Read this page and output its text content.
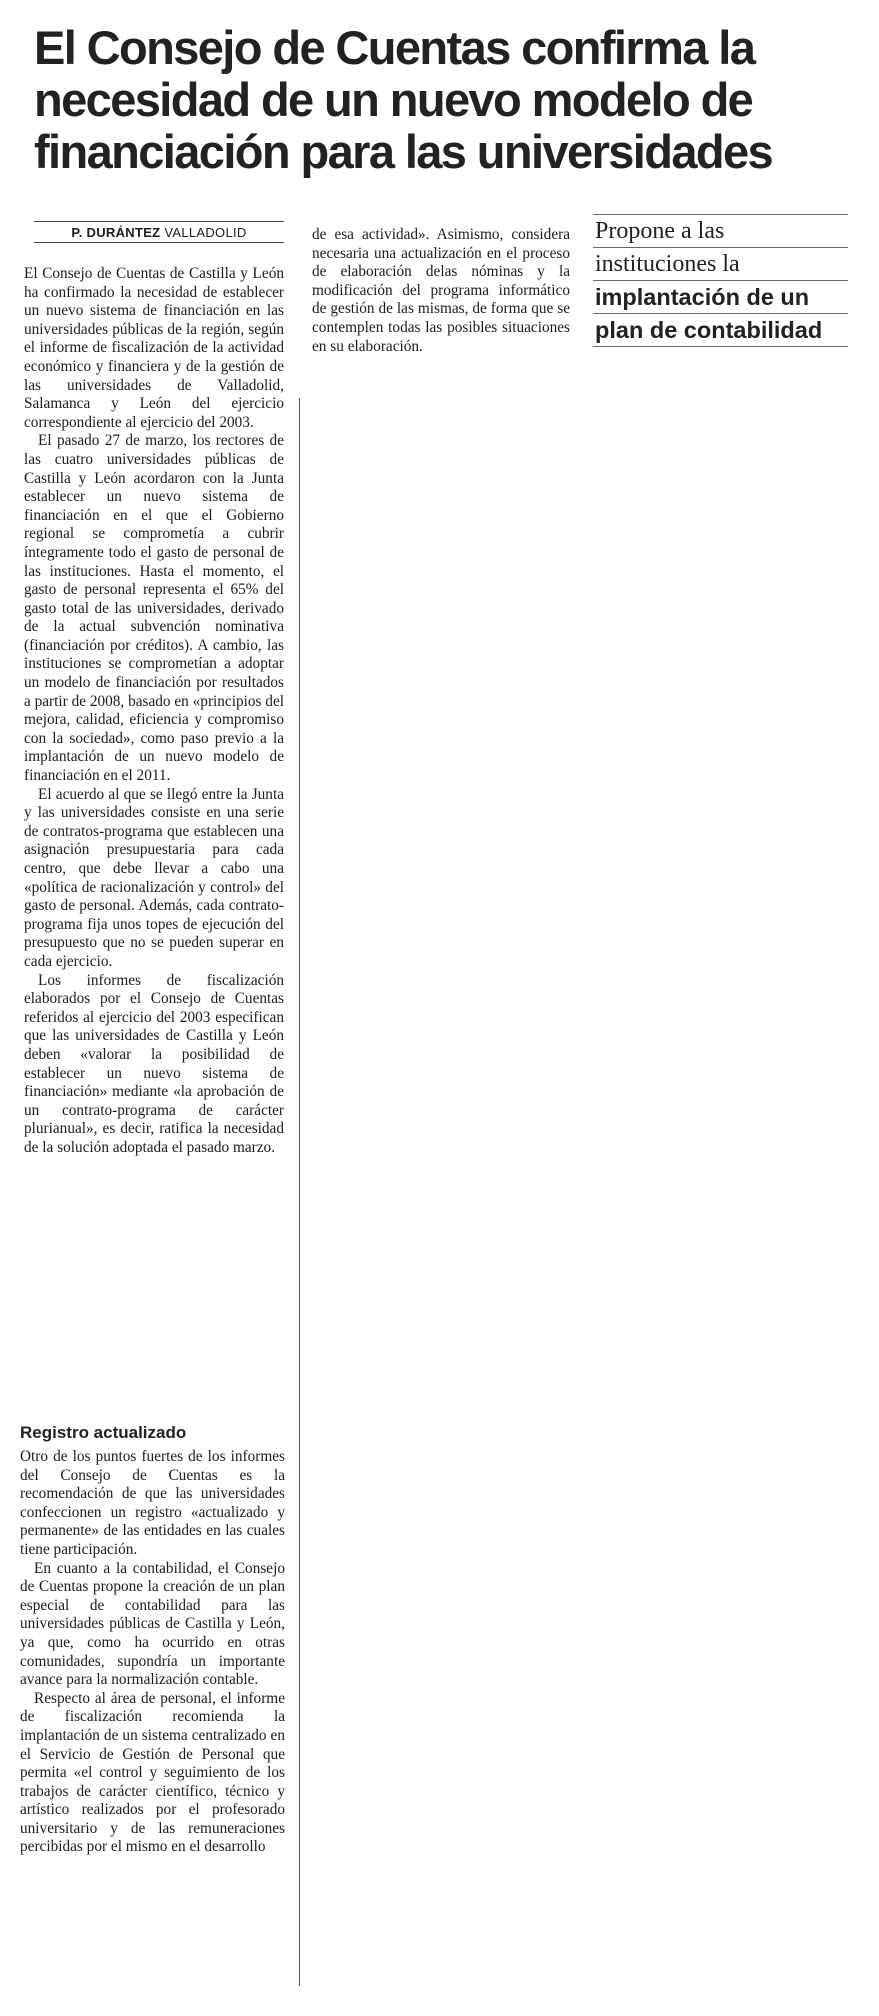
El Consejo de Cuentas confirma la
necesidad de un nuevo modelo de
financiación para las universidades
P. DURÁNTEZ VALLADOLID

El Consejo de Cuentas de Castilla y León ha confirmado la necesidad de establecer un nuevo sistema de financiación en las universidades públicas de la región, según el informe de fiscalización de la actividad económico y financiera y de la gestión de las universidades de Valladolid, Salamanca y León del ejercicio correspondiente al ejercicio del 2003.

El pasado 27 de marzo, los rectores de las cuatro universidades públicas de Castilla y León acordaron con la Junta establecer un nuevo sistema de financiación en el que el Gobierno regional se comprometía a cubrir íntegramente todo el gasto de personal de las instituciones. Hasta el momento, el gasto de personal representa el 65% del gasto total de las universidades, derivado de la actual subvención nominativa (financiación por créditos). A cambio, las instituciones se comprometían a adoptar un modelo de financiación por resultados a partir de 2008, basado en «principios del mejora, calidad, eficiencia y compromiso con la sociedad», como paso previo a la implantación de un nuevo modelo de financiación en el 2011.

El acuerdo al que se llegó entre la Junta y las universidades consiste en una serie de contratos-programa que establecen una asignación presupuestaria para cada centro, que debe llevar a cabo una «política de racionalización y control» del gasto de personal. Además, cada contrato-programa fija unos topes de ejecución del presupuesto que no se pueden superar en cada ejercicio.

Los informes de fiscalización elaborados por el Consejo de Cuentas referidos al ejercicio del 2003 especifican que las universidades de Castilla y León deben «valorar la posibilidad de establecer un nuevo sistema de financiación» mediante «la aprobación de un contrato-programa de carácter plurianual», es decir, ratifica la necesidad de la solución adoptada el pasado marzo.

Registro actualizado

Otro de los puntos fuertes de los informes del Consejo de Cuentas es la recomendación de que las universidades confeccionen un registro «actualizado y permanente» de las entidades en las cuales tiene participación.

En cuanto a la contabilidad, el Consejo de Cuentas propone la creación de un plan especial de contabilidad para las universidades públicas de Castilla y León, ya que, como ha ocurrido en otras comunidades, supondría un importante avance para la normalización contable.

Respecto al área de personal, el informe de fiscalización recomienda la implantación de un sistema centralizado en el Servicio de Gestión de Personal que permita «el control y seguimiento de los trabajos de carácter científico, técnico y artístico realizados por el profesorado universitario y de las remuneraciones percibidas por el mismo en el desarrollo

de esa actividad». Asimismo, considera necesaria una actualización en el proceso de elaboración delas nóminas y la modificación del programa informático de gestión de las mismas, de forma que se contemplen todas las posibles situaciones en su elaboración.

Propone a las
instituciones la
implantación de un
plan de contabilidad
